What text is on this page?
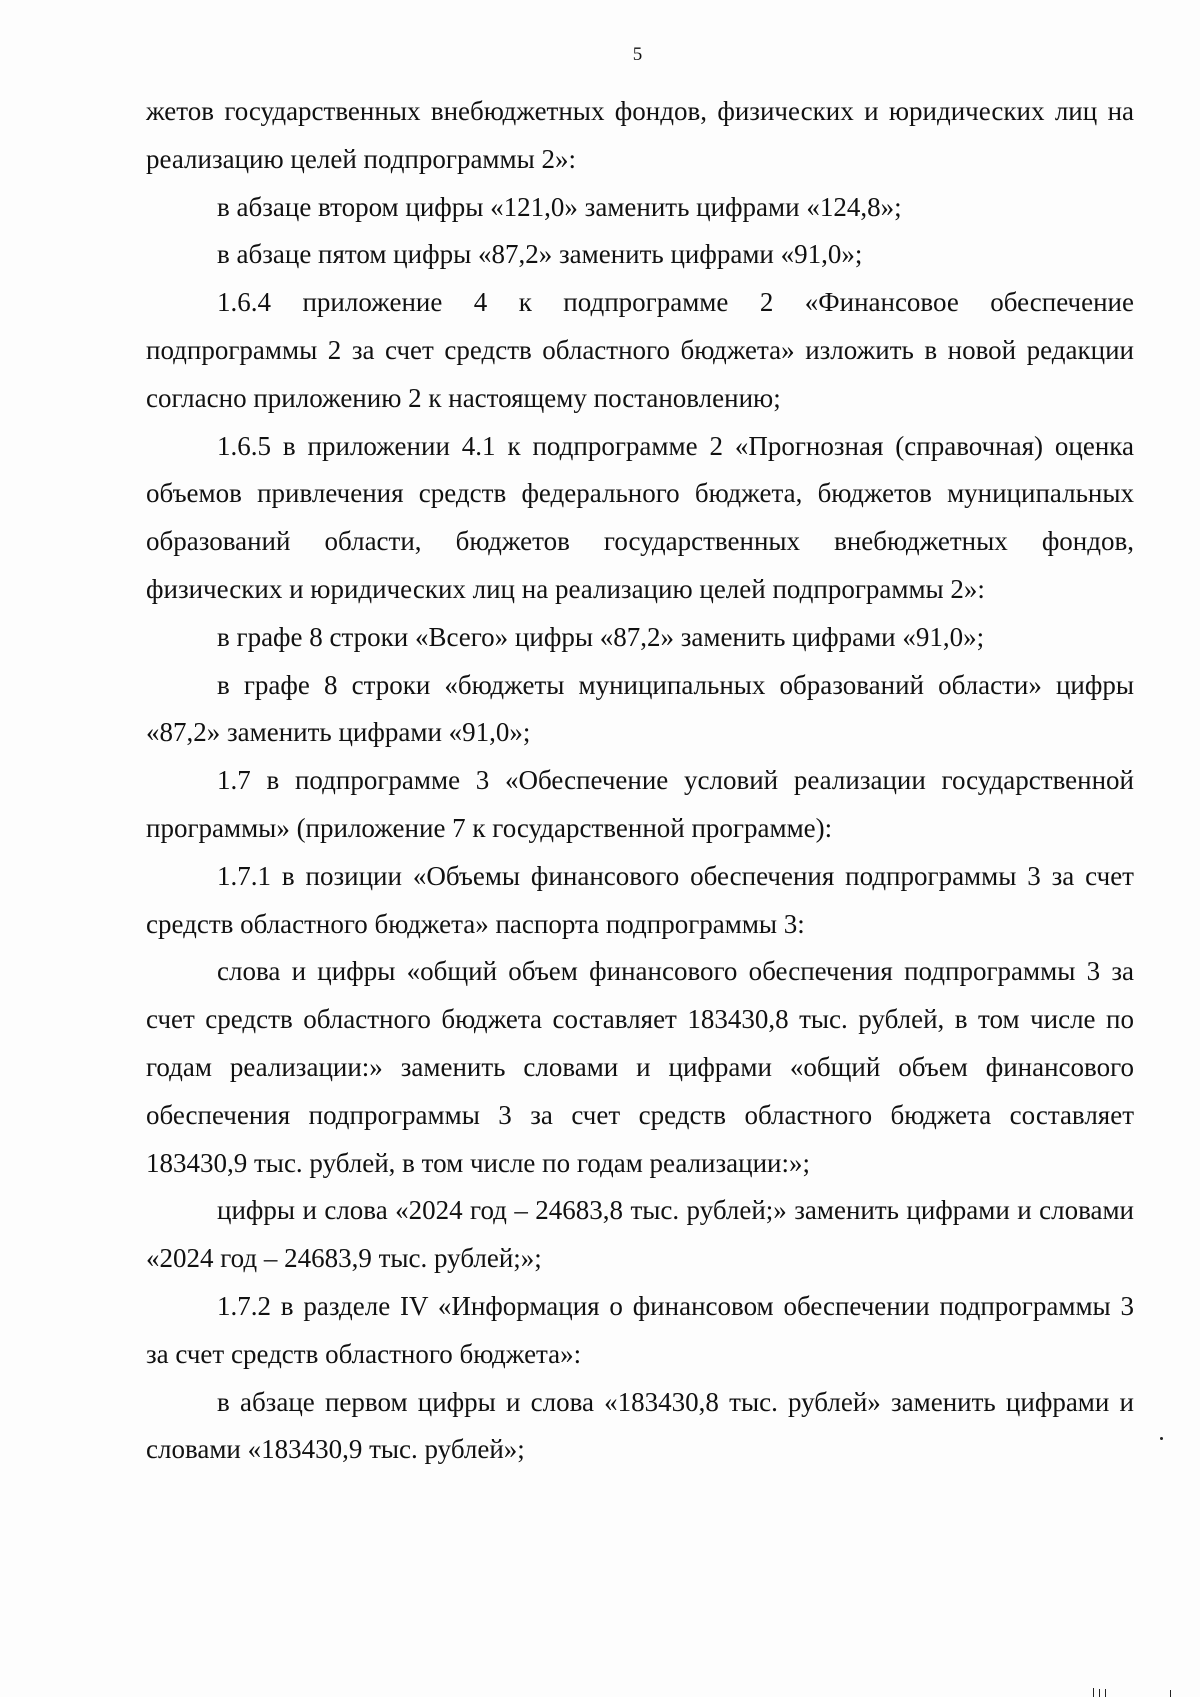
5

жетов государственных внебюджетных фондов, физических и юридических лиц на реализацию целей подпрограммы 2»:

в абзаце втором цифры «121,0» заменить цифрами «124,8»;

в абзаце пятом цифры «87,2» заменить цифрами «91,0»;

1.6.4 приложение 4 к подпрограмме 2 «Финансовое обеспечение подпрограммы 2 за счет средств областного бюджета» изложить в новой редакции согласно приложению 2 к настоящему постановлению;

1.6.5 в приложении 4.1 к подпрограмме 2 «Прогнозная (справочная) оценка объемов привлечения средств федерального бюджета, бюджетов муниципальных образований области, бюджетов государственных внебюджетных фондов, физических и юридических лиц на реализацию целей подпрограммы 2»:

в графе 8 строки «Всего» цифры «87,2» заменить цифрами «91,0»;

в графе 8 строки «бюджеты муниципальных образований области» цифры «87,2» заменить цифрами «91,0»;

1.7 в подпрограмме 3 «Обеспечение условий реализации государственной программы» (приложение 7 к государственной программе):

1.7.1 в позиции «Объемы финансового обеспечения подпрограммы 3 за счет средств областного бюджета» паспорта подпрограммы 3:

слова и цифры «общий объем финансового обеспечения подпрограммы 3 за счет средств областного бюджета составляет 183430,8 тыс. рублей, в том числе по годам реализации:» заменить словами и цифрами «общий объем финансового обеспечения подпрограммы 3 за счет средств областного бюджета составляет 183430,9 тыс. рублей, в том числе по годам реализации:»;

цифры и слова «2024 год – 24683,8 тыс. рублей;» заменить цифрами и словами «2024 год – 24683,9 тыс. рублей;»;

1.7.2 в разделе IV «Информация о финансовом обеспечении подпрограммы 3 за счет средств областного бюджета»:

в абзаце первом цифры и слова «183430,8 тыс. рублей» заменить цифрами и словами «183430,9 тыс. рублей»;
